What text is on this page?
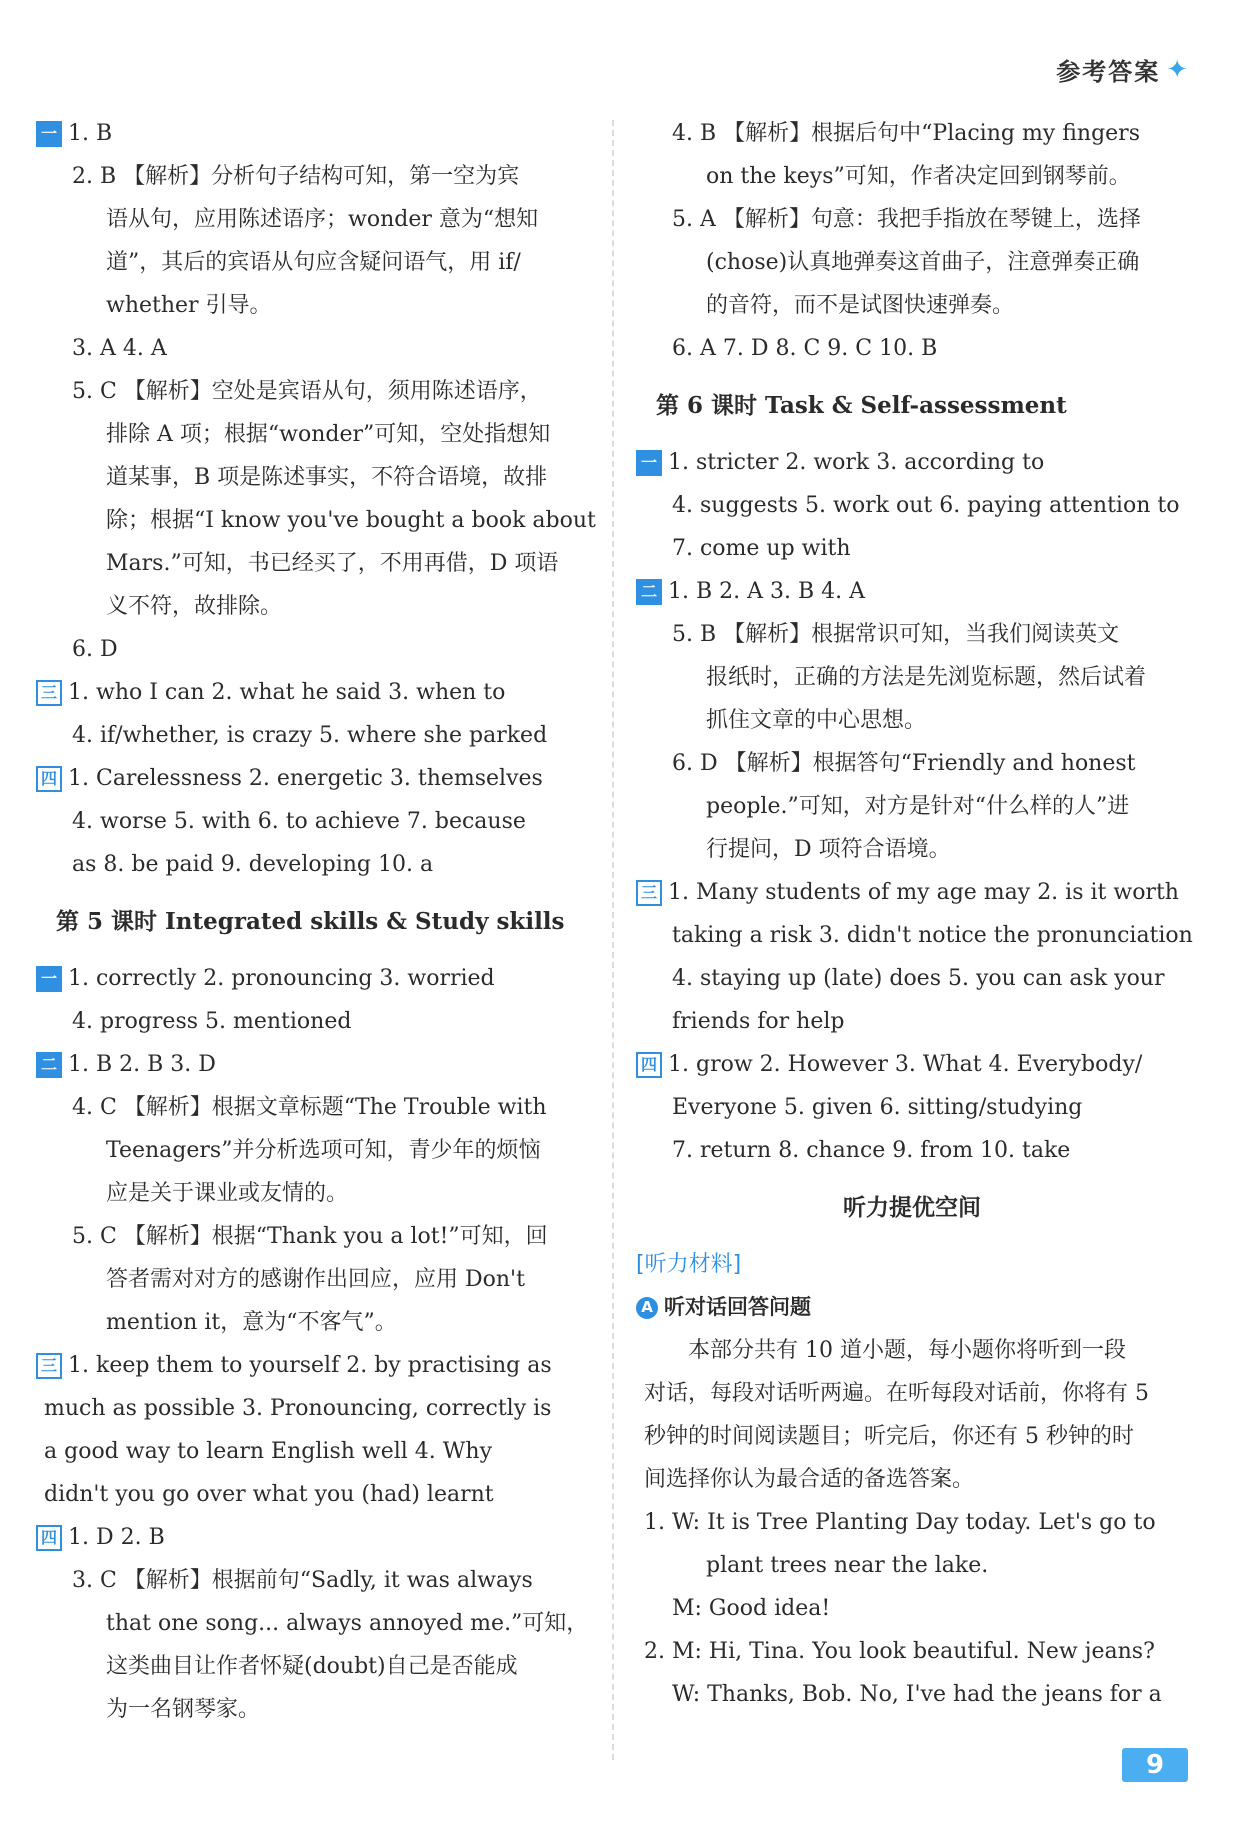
参考答案 ✦
一 1. B
2. B 【解析】分析句子结构可知，第一空为宾
语从句，应用陈述语序；wonder 意为“想知
道”，其后的宾语从句应含疑问语气，用 if/
whether 引导。
3. A 4. A
5. C 【解析】空处是宾语从句，须用陈述语序，
排除 A 项；根据“wonder”可知，空处指想知
道某事，B 项是陈述事实，不符合语境，故排
除；根据“I know you've bought a book about
Mars.”可知，书已经买了，不用再借，D 项语
义不符，故排除。
6. D
三 1. who I can 2. what he said 3. when to
4. if/whether, is crazy 5. where she parked
四 1. Carelessness 2. energetic 3. themselves
4. worse 5. with 6. to achieve 7. because
as 8. be paid 9. developing 10. a
第 5 课时 Integrated skills & Study skills
一 1. correctly 2. pronouncing 3. worried
4. progress 5. mentioned
二 1. B 2. B 3. D
4. C 【解析】根据文章标题“The Trouble with
Teenagers”并分析选项可知，青少年的烦恼
应是关于课业或友情的。
5. C 【解析】根据“Thank you a lot!”可知，回
答者需对对方的感谢作出回应，应用 Don't
mention it，意为“不客气”。
三 1. keep them to yourself 2. by practising as
much as possible 3. Pronouncing, correctly is
a good way to learn English well 4. Why
didn't you go over what you (had) learnt
四 1. D 2. B
3. C 【解析】根据前句“Sadly, it was always
that one song... always annoyed me.”可知，
这类曲目让作者怀疑(doubt)自己是否能成
为一名钢琴家。
4. B 【解析】根据后句中“Placing my fingers
on the keys”可知，作者决定回到钢琴前。
5. A 【解析】句意：我把手指放在琴键上，选择
(chose)认真地弹奏这首曲子，注意弹奏正确
的音符，而不是试图快速弹奏。
6. A 7. D 8. C 9. C 10. B
第 6 课时 Task & Self-assessment
一 1. stricter 2. work 3. according to
4. suggests 5. work out 6. paying attention to
7. come up with
二 1. B 2. A 3. B 4. A
5. B 【解析】根据常识可知，当我们阅读英文
报纸时，正确的方法是先浏览标题，然后试着
抓住文章的中心思想。
6. D 【解析】根据答句“Friendly and honest
people.”可知，对方是针对“什么样的人”进
行提问，D 项符合语境。
三 1. Many students of my age may 2. is it worth
taking a risk 3. didn't notice the pronunciation
4. staying up (late) does 5. you can ask your
friends for help
四 1. grow 2. However 3. What 4. Everybody/
Everyone 5. given 6. sitting/studying
7. return 8. chance 9. from 10. take
听力提优空间
[听力材料]
A 听对话回答问题
　　本部分共有 10 道小题，每小题你将听到一段
对话，每段对话听两遍。在听每段对话前，你将有 5
秒钟的时间阅读题目；听完后，你还有 5 秒钟的时
间选择你认为最合适的备选答案。
1. W: It is Tree Planting Day today. Let's go to
plant trees near the lake.
M: Good idea!
2. M: Hi, Tina. You look beautiful. New jeans?
W: Thanks, Bob. No, I've had the jeans for a
9
